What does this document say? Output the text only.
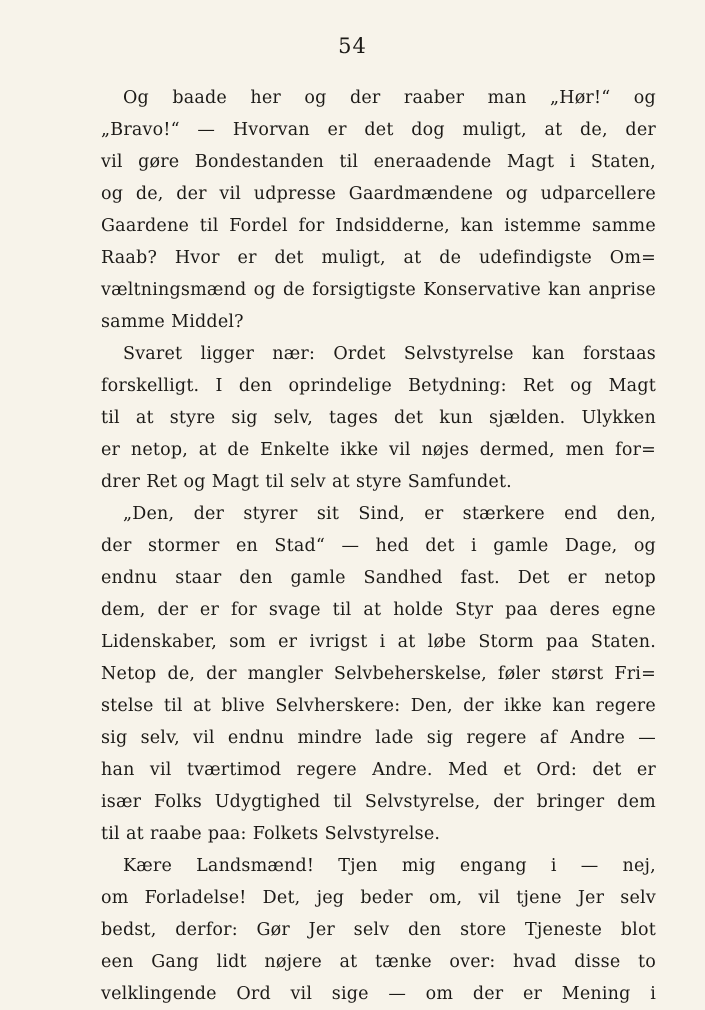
54
Og baade her og der raaber man „Hør!“ og
„Bravo!“ — Hvorvan er det dog muligt, at de, der
vil gøre Bondestanden til eneraadende Magt i Staten,
og de, der vil udpresse Gaardmændene og udparcellere
Gaardene til Fordel for Indsidderne, kan istemme samme
Raab? Hvor er det muligt, at de udefindigste Om=
væltningsmænd og de forsigtigste Konservative kan anprise
samme Middel?
Svaret ligger nær: Ordet Selvstyrelse kan forstaas
forskelligt. I den oprindelige Betydning: Ret og Magt
til at styre sig selv, tages det kun sjælden. Ulykken
er netop, at de Enkelte ikke vil nøjes dermed, men for=
drer Ret og Magt til selv at styre Samfundet.
„Den, der styrer sit Sind, er stærkere end den,
der stormer en Stad“ — hed det i gamle Dage, og
endnu staar den gamle Sandhed fast. Det er netop
dem, der er for svage til at holde Styr paa deres egne
Lidenskaber, som er ivrigst i at løbe Storm paa Staten.
Netop de, der mangler Selvbeherskelse, føler størst Fri=
stelse til at blive Selvherskere: Den, der ikke kan regere
sig selv, vil endnu mindre lade sig regere af Andre —
han vil tværtimod regere Andre. Med et Ord: det er
især Folks Udygtighed til Selvstyrelse, der bringer dem
til at raabe paa: Folkets Selvstyrelse.
Kære Landsmænd! Tjen mig engang i — nej,
om Forladelse! Det, jeg beder om, vil tjene Jer selv
bedst, derfor: Gør Jer selv den store Tjeneste blot
een Gang lidt nøjere at tænke over: hvad disse to
velklingende Ord vil sige — om der er Mening i
